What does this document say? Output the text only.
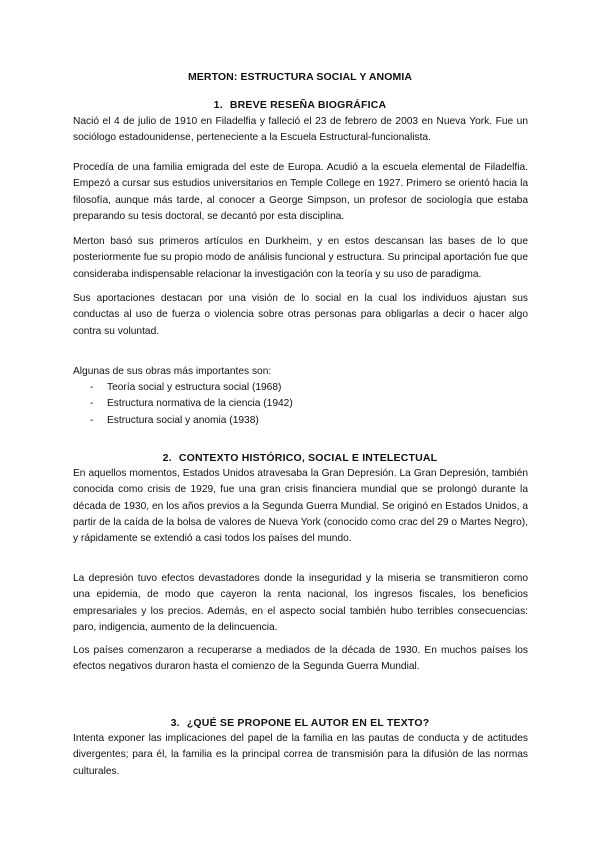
MERTON: ESTRUCTURA SOCIAL Y ANOMIA
1. BREVE RESEÑA BIOGRÁFICA

Nació el 4 de julio de 1910 en Filadelfia y falleció el 23 de febrero de 2003 en Nueva York. Fue un sociólogo estadounidense, perteneciente a la Escuela Estructural-funcionalista.

Procedía de una familia emigrada del este de Europa. Acudió a la escuela elemental de Filadelfia. Empezó a cursar sus estudios universitarios en Temple College en 1927. Primero se orientó hacia la filosofía, aunque más tarde, al conocer a George Simpson, un profesor de sociología que estaba preparando su tesis doctoral, se decantó por esta disciplina.

Merton basó sus primeros artículos en Durkheim, y en estos descansan las bases de lo que posteriormente fue su propio modo de análisis funcional y estructura. Su principal aportación fue que consideraba indispensable relacionar la investigación con la teoría y su uso de paradigma.

Sus aportaciones destacan por una visión de lo social en la cual los individuos ajustan sus conductas al uso de fuerza o violencia sobre otras personas para obligarlas a decir o hacer algo contra su voluntad.

Algunas de sus obras más importantes son:

- Teoría social y estructura social (1968)
- Estructura normativa de la ciencia (1942)
- Estructura social y anomia (1938)
2. CONTEXTO HISTÓRICO, SOCIAL E INTELECTUAL

En aquellos momentos, Estados Unidos atravesaba la Gran Depresión. La Gran Depresión, también conocida como crisis de 1929, fue una gran crisis financiera mundial que se prolongó durante la década de 1930, en los años previos a la Segunda Guerra Mundial. Se originó en Estados Unidos, a partir de la caída de la bolsa de valores de Nueva York (conocido como crac del 29 o Martes Negro), y rápidamente se extendió a casi todos los países del mundo.

La depresión tuvo efectos devastadores donde la inseguridad y la miseria se transmitieron como una epidemia, de modo que cayeron la renta nacional, los ingresos fiscales, los beneficios empresariales y los precios. Además, en el aspecto social también hubo terribles consecuencias: paro, indigencia, aumento de la delincuencia.

Los países comenzaron a recuperarse a mediados de la década de 1930. En muchos países los efectos negativos duraron hasta el comienzo de la Segunda Guerra Mundial.

3. ¿QUÉ SE PROPONE EL AUTOR EN EL TEXTO?

Intenta exponer las implicaciones del papel de la familia en las pautas de conducta y de actitudes divergentes; para él, la familia es la principal correa de transmisión para la difusión de las normas culturales.
